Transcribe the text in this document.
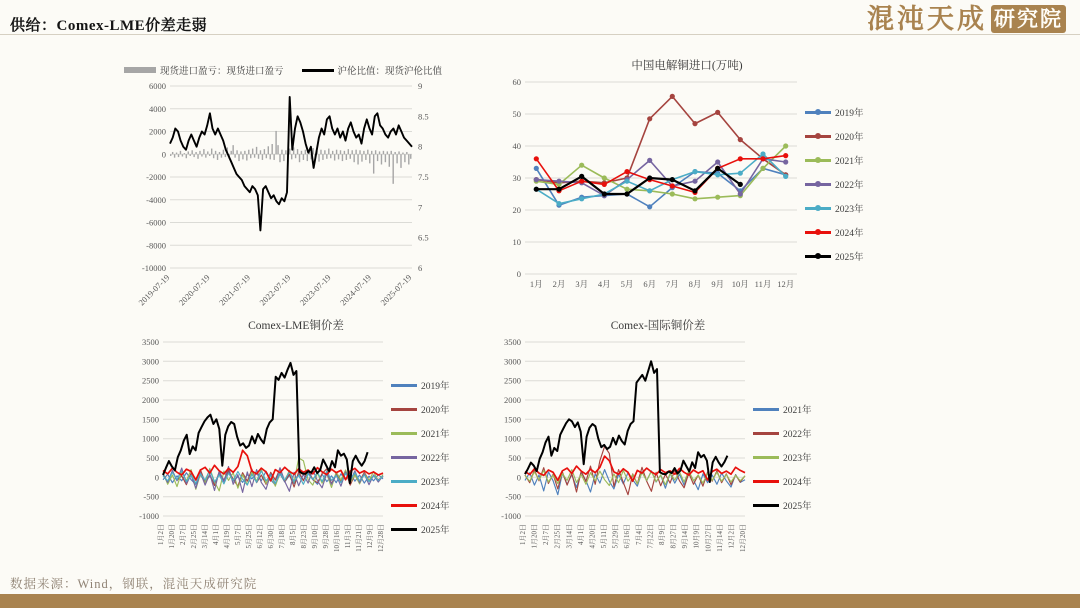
供给：Comex-LME价差走弱	混沌天成 研究院
现货进口盈亏：现货进口盈亏	沪伦比值：现货沪伦比值
6000
4000
2000
0
-2000
-4000
-6000
-8000
-10000
9
8.5
8
7.5
7
6.5
6
2019-07-19 2020-07-19 2021-07-19 2022-07-19 2023-07-19 2024-07-19 2025-07-19
中国电解铜进口(万吨)
60
50
40
30
20
10
0
1月 2月 3月 4月 5月 6月 7月 8月 9月 10月 11月 12月
2019年
2020年
2021年
2022年
2023年
2024年
2025年
Comex-LME铜价差
3500
3000
2500
2000
1500
1000
500
0
-500
-1000
1月2日 1月20日 2月7日 2月25日 3月14日 4月1日 4月19日 5月7日 5月25日 6月12日 6月30日 7月18日 8月5日 8月23日 9月10日 9月28日 10月16日 11月3日 11月21日 12月9日 12月28日
2019年
2020年
2021年
2022年
2023年
2024年
2025年
Comex-国际铜价差
3500
3000
2500
2000
1500
1000
500
0
-500
-1000
1月2日 1月20日 2月7日 2月25日 3月14日 4月1日 4月20日 5月11日 5月29日 6月16日 7月4日 7月22日 8月9日 8月27日 9月14日 10月9日 10月27日 11月14日 12月2日 12月20日
2021年
2022年
2023年
2024年
2025年
数据来源：Wind，钢联，混沌天成研究院
